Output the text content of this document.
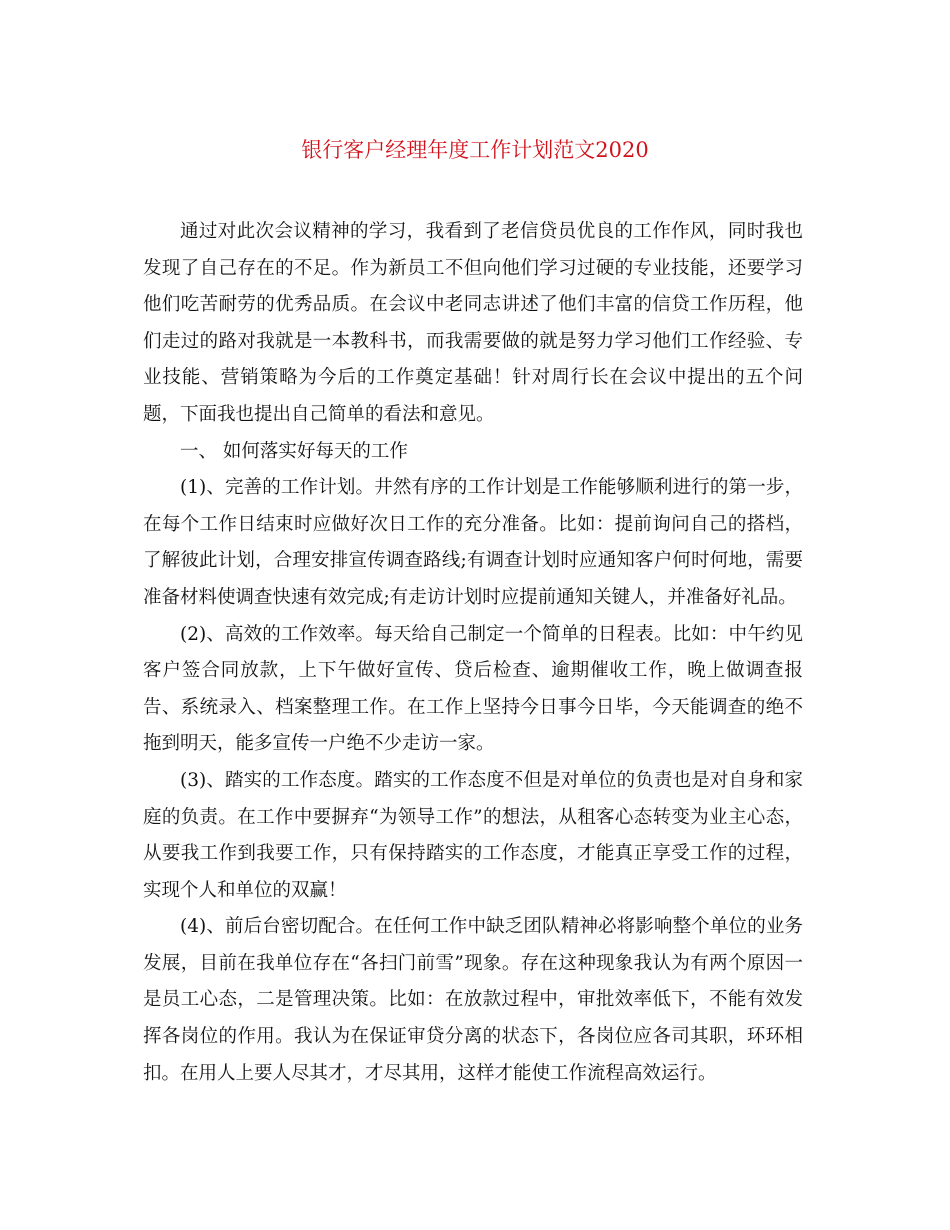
银行客户经理年度工作计划范文2020

通过对此次会议精神的学习，我看到了老信贷员优良的工作作风，同时我也发现了自己存在的不足。作为新员工不但向他们学习过硬的专业技能，还要学习他们吃苦耐劳的优秀品质。在会议中老同志讲述了他们丰富的信贷工作历程，他们走过的路对我就是一本教科书，而我需要做的就是努力学习他们工作经验、专业技能、营销策略为今后的工作奠定基础！针对周行长在会议中提出的五个问题，下面我也提出自己简单的看法和意见。

一、 如何落实好每天的工作

(1)、完善的工作计划。井然有序的工作计划是工作能够顺利进行的第一步，在每个工作日结束时应做好次日工作的充分准备。比如：提前询问自己的搭档，了解彼此计划，合理安排宣传调查路线;有调查计划时应通知客户何时何地，需要准备材料使调查快速有效完成;有走访计划时应提前通知关键人，并准备好礼品。

(2)、高效的工作效率。每天给自己制定一个简单的日程表。比如：中午约见客户签合同放款，上下午做好宣传、贷后检查、逾期催收工作，晚上做调查报告、系统录入、档案整理工作。在工作上坚持今日事今日毕，今天能调查的绝不拖到明天，能多宣传一户绝不少走访一家。

(3)、踏实的工作态度。踏实的工作态度不但是对单位的负责也是对自身和家庭的负责。在工作中要摒弃“为领导工作”的想法，从租客心态转变为业主心态，从要我工作到我要工作，只有保持踏实的工作态度，才能真正享受工作的过程，实现个人和单位的双赢！

(4)、前后台密切配合。在任何工作中缺乏团队精神必将影响整个单位的业务发展，目前在我单位存在“各扫门前雪”现象。存在这种现象我认为有两个原因一是员工心态，二是管理决策。比如：在放款过程中，审批效率低下，不能有效发挥各岗位的作用。我认为在保证审贷分离的状态下，各岗位应各司其职，环环相扣。在用人上要人尽其才，才尽其用，这样才能使工作流程高效运行。
